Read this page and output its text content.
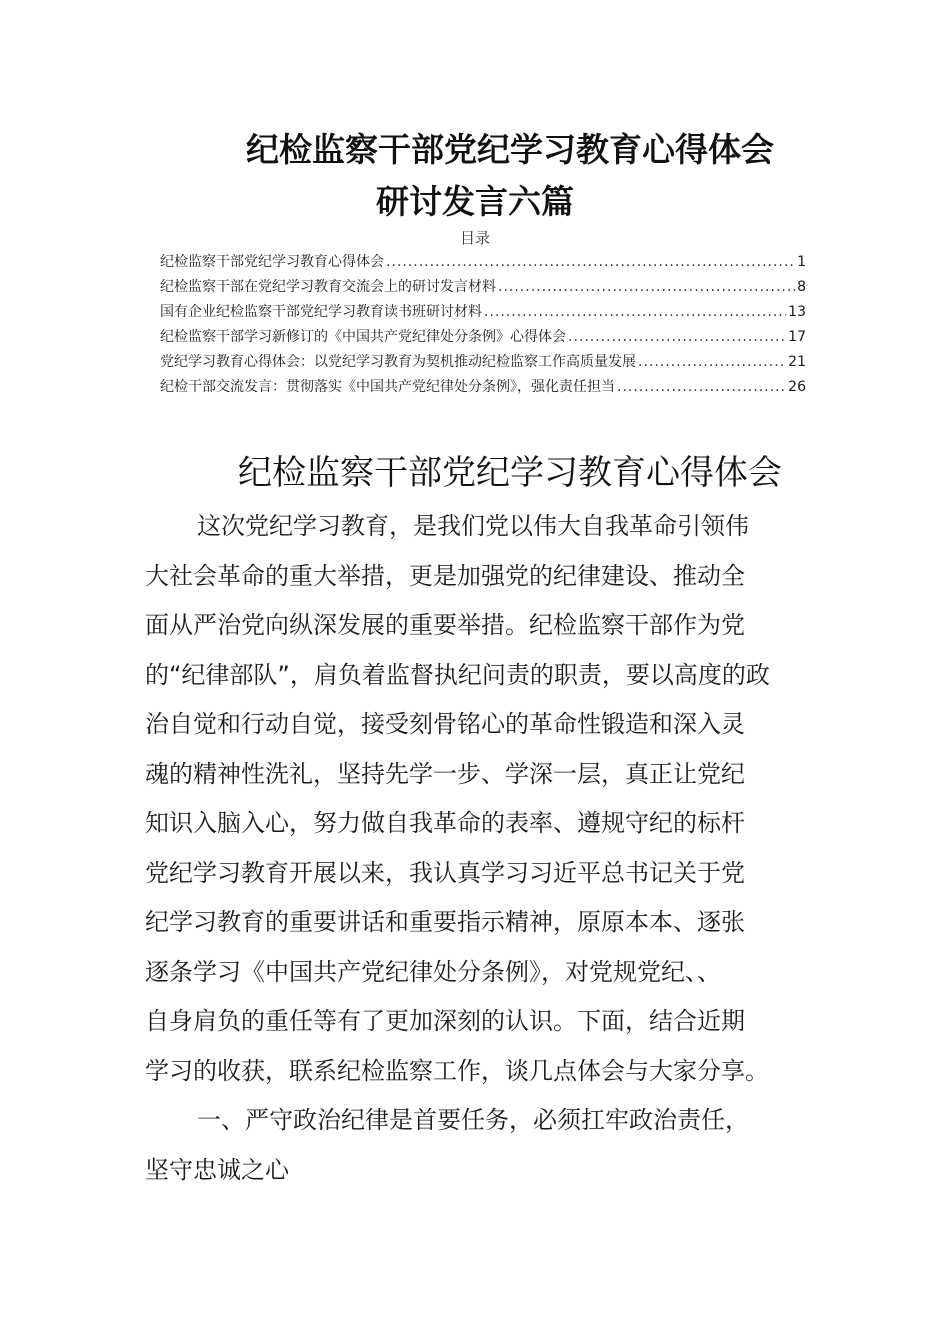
纪检监察干部党纪学习教育心得体会
研讨发言六篇
目录
纪检监察干部党纪学习教育心得体会 .....	1
纪检监察干部在党纪学习教育交流会上的研讨发言材料 .....	8
国有企业纪检监察干部党纪学习教育读书班研讨材料 .....	13
纪检监察干部学习新修订的《中国共产党纪律处分条例》心得体会 .....	17
党纪学习教育心得体会：以党纪学习教育为契机推动纪检监察工作高质量发展 .....	21
纪检干部交流发言：贯彻落实《中国共产党纪律处分条例》，强化责任担当 .....	26
纪检监察干部党纪学习教育心得体会
这次党纪学习教育，是我们党以伟大自我革命引领伟
大社会革命的重大举措，更是加强党的纪律建设、推动全
面从严治党向纵深发展的重要举措。纪检监察干部作为党
的“纪律部队”，肩负着监督执纪问责的职责，要以高度的政
治自觉和行动自觉，接受刻骨铭心的革命性锻造和深入灵
魂的精神性洗礼，坚持先学一步、学深一层，真正让党纪
知识入脑入心，努力做自我革命的表率、遵规守纪的标杆
党纪学习教育开展以来，我认真学习习近平总书记关于党
纪学习教育的重要讲话和重要指示精神，原原本本、逐张
逐条学习《中国共产党纪律处分条例》，对党规党纪、、
自身肩负的重任等有了更加深刻的认识。下面，结合近期
学习的收获，联系纪检监察工作，谈几点体会与大家分享。
一、严守政治纪律是首要任务，必须扛牢政治责任，
坚守忠诚之心
